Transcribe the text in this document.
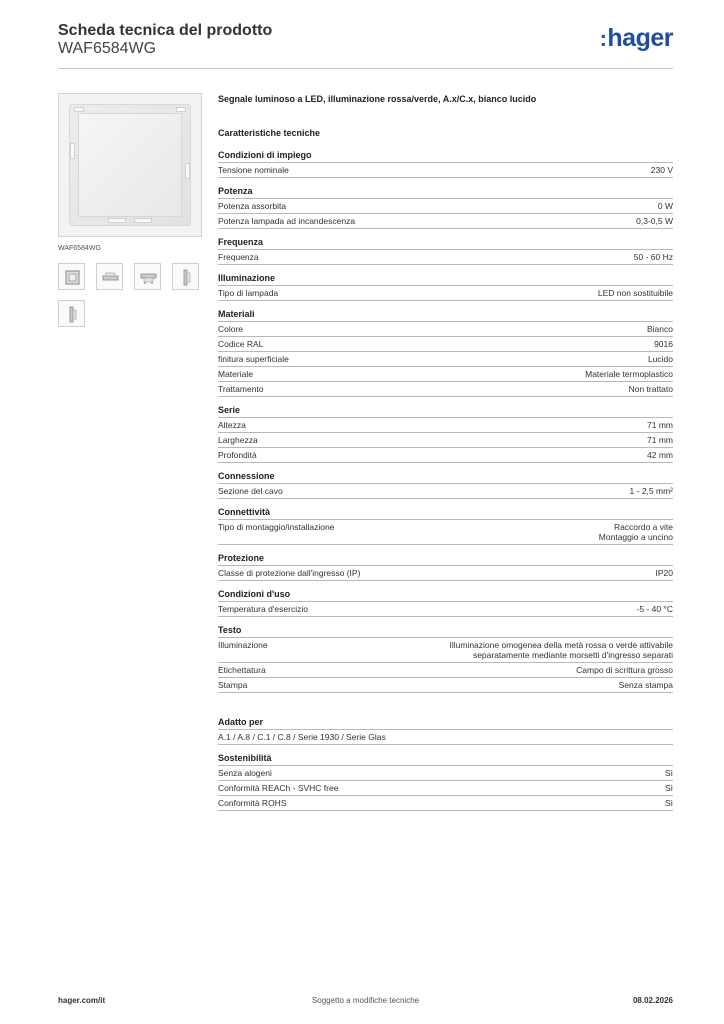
Scheda tecnica del prodotto
WAF6584WG	:hager
WAF6584WG
Segnale luminoso a LED, illuminazione rossa/verde, A.x/C.x, bianco lucido
Caratteristiche tecniche
Condizioni di impiego
Tensione nominale	230 V
Potenza
Potenza assorbita	0 W
Potenza lampada ad incandescenza	0,3-0,5 W
Frequenza
Frequenza	50 - 60 Hz
Illuminazione
Tipo di lampada	LED non sostituibile
Materiali
Colore	Bianco
Codice RAL	9016
finitura superficiale	Lucido
Materiale	Materiale termoplastico
Trattamento	Non trattato
Serie
Altezza	71 mm
Larghezza	71 mm
Profondità	42 mm
Connessione
Sezione del cavo	1 - 2,5 mm²
Connettività
Tipo di montaggio/installazione	Raccordo a vite
Montaggio a uncino
Protezione
Classe di protezione dall'ingresso (IP)	IP20
Condizioni d'uso
Temperatura d'esercizio	-5 - 40 °C
Testo
Illuminazione	Illuminazione omogenea della metà rossa o verde attivabile
separatamente mediante morsetti d'ingresso separati
Etichettatura	Campo di scrittura grosso
Stampa	Senza stampa
Adatto per
A.1 / A.8 / C.1 / C.8 / Serie 1930 / Serie Glas
Sostenibilità
Senza alogeni	Sì
Conformità REACh - SVHC free	Sì
Conformità ROHS	Sì
hager.com/it	Soggetto a modifiche tecniche	08.02.2026
